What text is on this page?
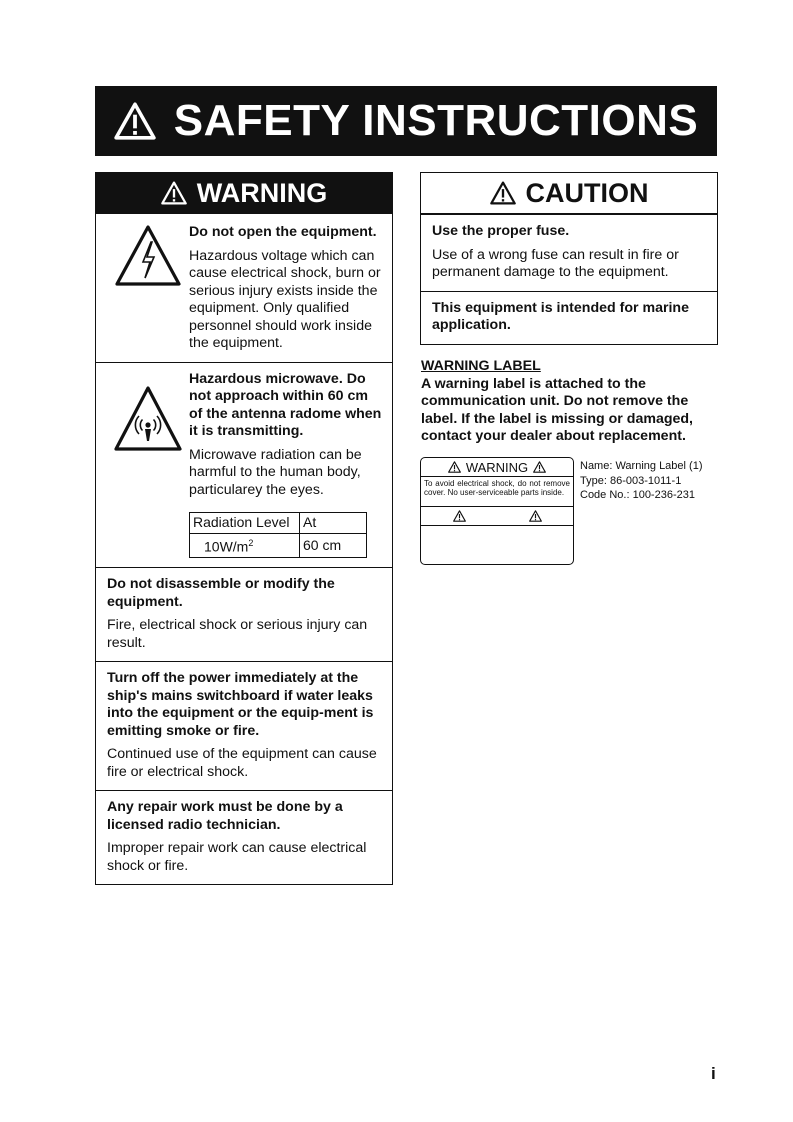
SAFETY INSTRUCTIONS
WARNING
Do not open the equipment.
Hazardous voltage which can cause electrical shock, burn or serious injury exists inside the equipment. Only qualified personnel should work inside the equipment.
Hazardous microwave. Do not approach within 60 cm of the antenna radome when it is transmitting.
Microwave radiation can be harmful to the human body, particularey the eyes.
Radiation Level	At
$10W/m^2$	60 cm
Do not disassemble or modify the equipment.
Fire, electrical shock or serious injury can result.
Turn off the power immediately at the ship's mains switchboard if water leaks into the equipment or the equip-ment is emitting smoke or fire.
Continued use of the equipment can cause fire or electrical shock.
Any repair work must be done by a licensed radio technician.
Improper repair work can cause electrical shock or fire.
CAUTION
Use the proper fuse.
Use of a wrong fuse can result in fire or permanent damage to the equipment.
This equipment is intended for marine application.
WARNING LABEL
A warning label is attached to the communication unit. Do not remove the label. If the label is missing or damaged, contact your dealer about replacement.
WARNING
To avoid electrical shock, do not remove cover. No user-serviceable parts inside.
Name: Warning Label (1)
Type: 86-003-1011-1
Code No.: 100-236-231
i
